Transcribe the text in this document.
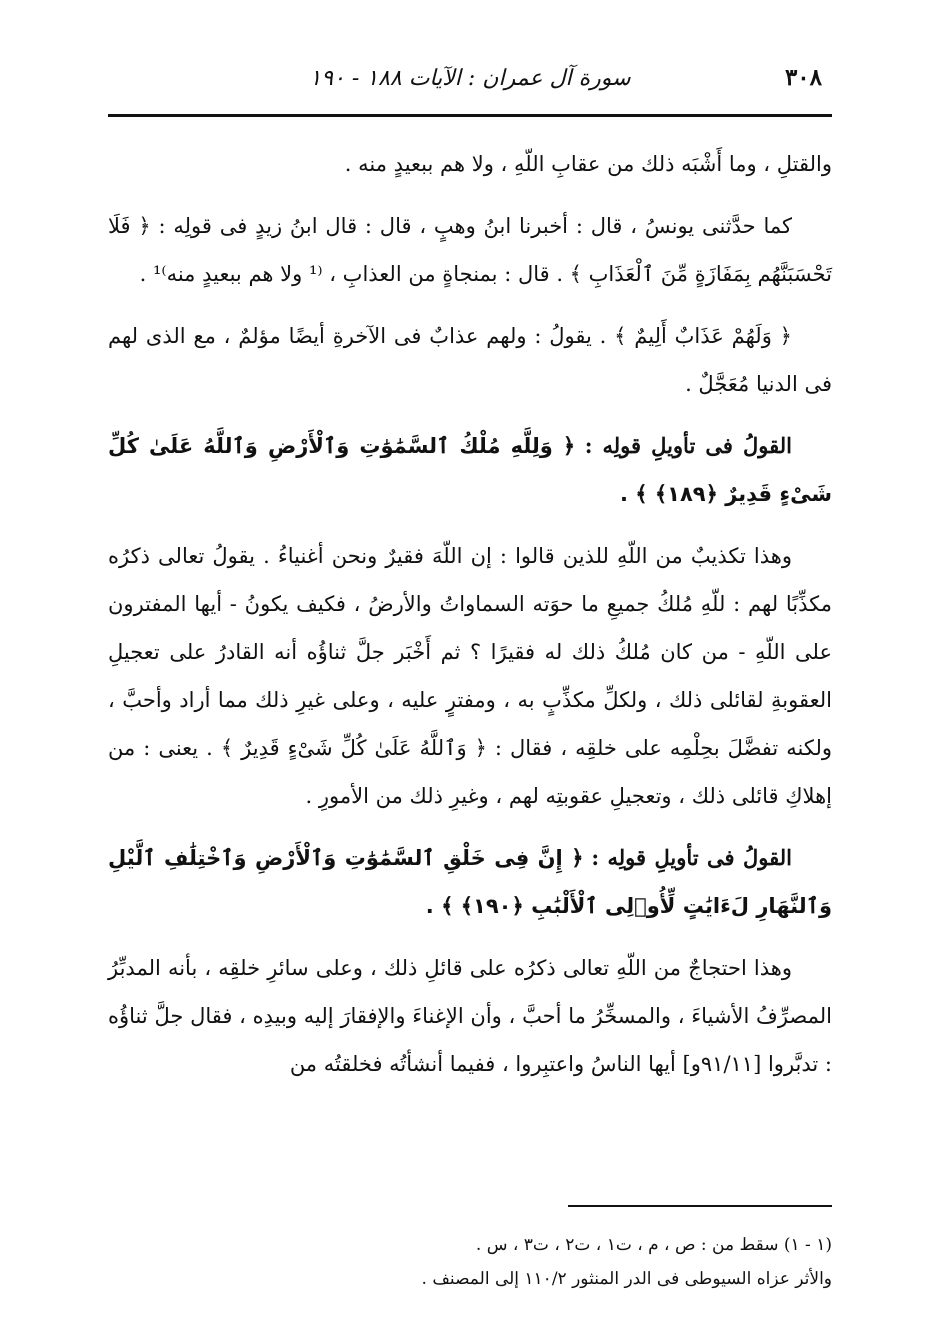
٣٠٨
سورة آل عمران : الآيات ١٨٨ - ١٩٠

والقتلِ ، وما أَشْبَه ذلك من عقابِ اللّهِ ، ولا هم ببعيدٍ منه .

كما حدَّثنى يونسُ ، قال : أخبرنا ابنُ وهبٍ ، قال : قال ابنُ زيدٍ فى قولِه : ﴿ فَلَا تَحْسَبَنَّهُم بِمَفَازَةٍ مِّنَ ٱلْعَذَابِ ﴾ . قال : بمنجاةٍ من العذابِ ، ⁽¹ ولا هم ببعيدٍ منه⁾¹ .

﴿ وَلَهُمْ عَذَابٌ أَلِيمٌ ﴾ . يقولُ : ولهم عذابٌ فى الآخرةِ أيضًا مؤلمٌ ، مع الذى لهم فى الدنيا مُعَجَّلٌ .

القولُ فى تأويلِ قولِه : ﴿ وَلِلَّهِ مُلْكُ ٱلسَّمَٰوَٰتِ وَٱلْأَرْضِ وَٱللَّهُ عَلَىٰ كُلِّ شَىْءٍ قَدِيرٌ ﴿١٨٩﴾ ﴾ .

وهذا تكذيبٌ من اللّهِ للذين قالوا : إن اللّهَ فقيرٌ ونحن أغنياءُ . يقولُ تعالى ذكرُه مكذِّبًا لهم : للّهِ مُلكُ جميعِ ما حوَته السماواتُ والأرضُ ، فكيف يكونُ - أيها المفترون على اللّهِ - من كان مُلكُ ذلك له فقيرًا ؟ ثم أَخْبَر جلَّ ثناؤُه أنه القادرُ على تعجيلِ العقوبةِ لقائلى ذلك ، ولكلِّ مكذِّبٍ به ، ومفترٍ عليه ، وعلى غيرِ ذلك مما أراد وأحبَّ ، ولكنه تفضَّلَ بحِلْمِه على خلقِه ، فقال : ﴿ وَٱللَّهُ عَلَىٰ كُلِّ شَىْءٍ قَدِيرٌ ﴾ . يعنى : من إهلاكِ قائلى ذلك ، وتعجيلِ عقوبتِه لهم ، وغيرِ ذلك من الأمورِ .

القولُ فى تأويلِ قولِه : ﴿ إِنَّ فِى خَلْقِ ٱلسَّمَٰوَٰتِ وَٱلْأَرْضِ وَٱخْتِلَٰفِ ٱلَّيْلِ وَٱلنَّهَارِ لَءَايَٰتٍ لِّأُو۟لِى ٱلْأَلْبَٰبِ ﴿١٩٠﴾ ﴾ .

وهذا احتجاجٌ من اللّهِ تعالى ذكرُه على قائلِ ذلك ، وعلى سائرِ خلقِه ، بأنه المدبِّرُ المصرِّفُ الأشياءَ ، والمسخِّرُ ما أحبَّ ، وأن الإغناءَ والإفقارَ إليه وبيدِه ، فقال جلَّ ثناؤُه : تدبَّروا [٩١/١١و] أيها الناسُ واعتبِروا ، ففيما أنشأتُه فخلقتُه من

(١ - ١) سقط من : ص ، م ، ت١ ، ت٢ ، ت٣ ، س .
والأثر عزاه السيوطى فى الدر المنثور ١١٠/٢ إلى المصنف .
